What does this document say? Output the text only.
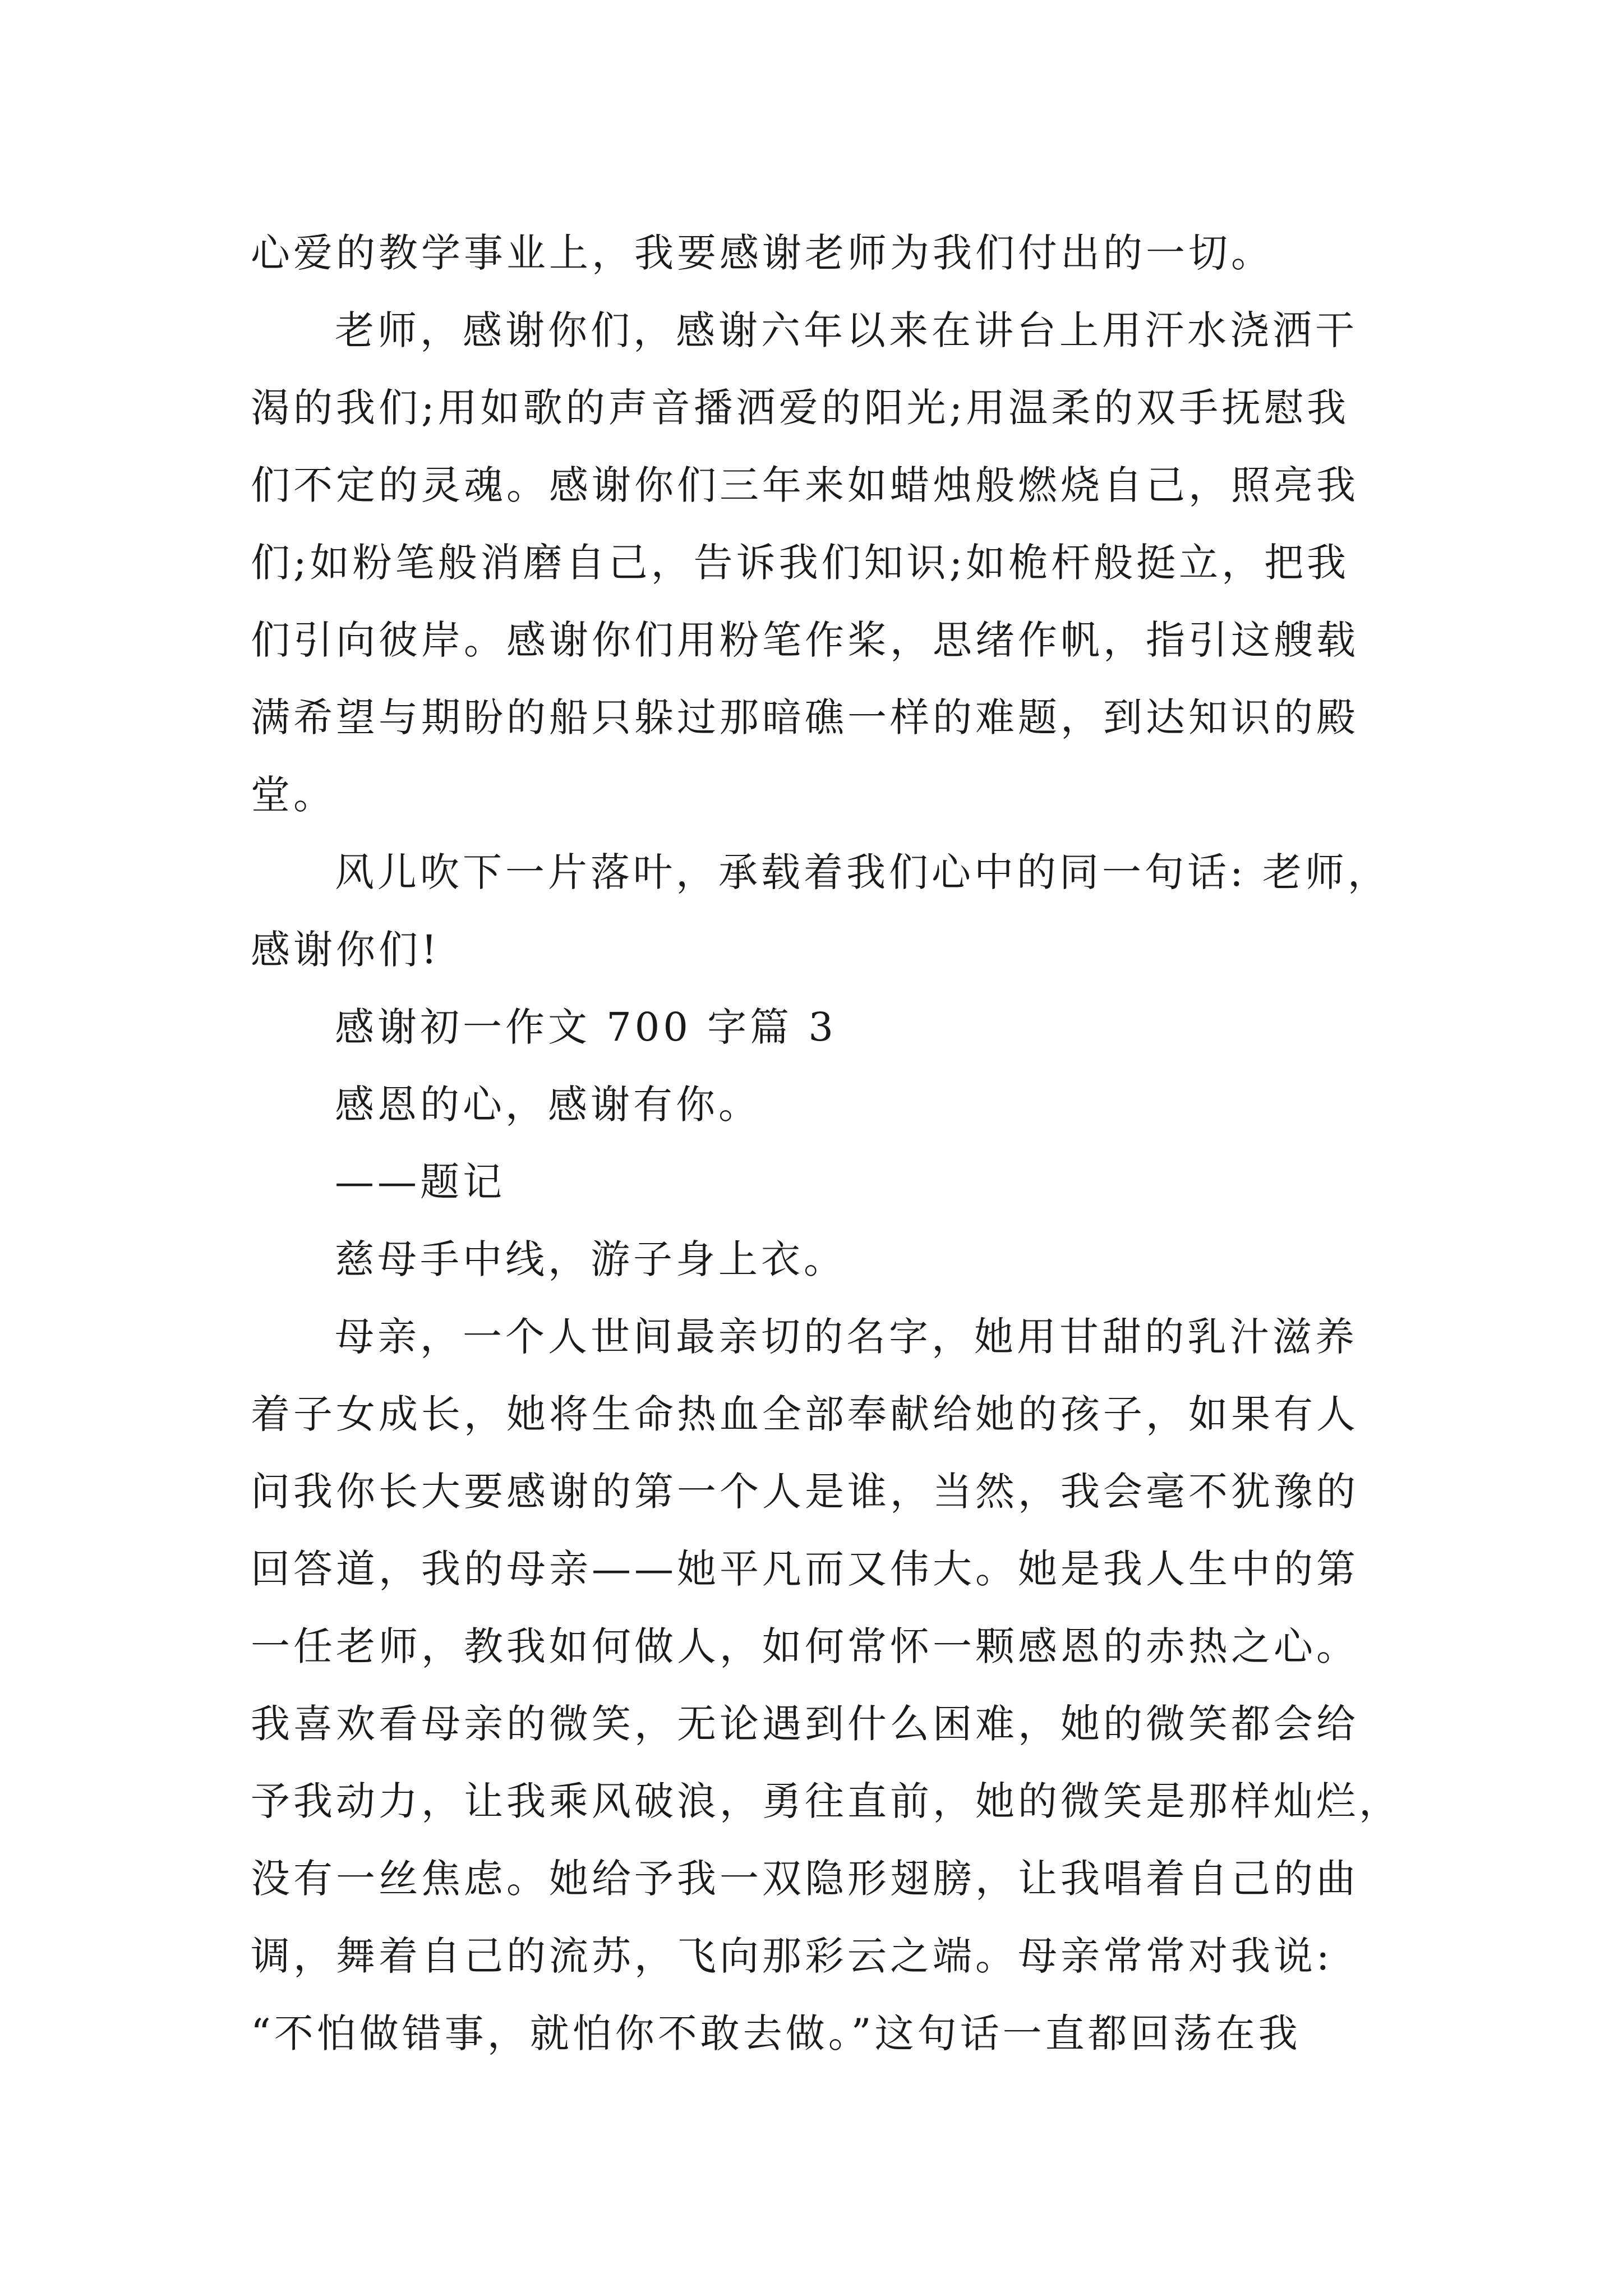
心爱的教学事业上，我要感谢老师为我们付出的一切。
老师，感谢你们，感谢六年以来在讲台上用汗水浇洒干
渴的我们;用如歌的声音播洒爱的阳光;用温柔的双手抚慰我
们不定的灵魂。感谢你们三年来如蜡烛般燃烧自己，照亮我
们;如粉笔般消磨自己，告诉我们知识;如桅杆般挺立，把我
们引向彼岸。感谢你们用粉笔作桨，思绪作帆，指引这艘载
满希望与期盼的船只躲过那暗礁一样的难题，到达知识的殿
堂。
风儿吹下一片落叶，承载着我们心中的同一句话: 老师，
感谢你们!
感谢初一作文 700 字篇 3
感恩的心，感谢有你。
——题记
慈母手中线，游子身上衣。
母亲，一个人世间最亲切的名字，她用甘甜的乳汁滋养
着子女成长，她将生命热血全部奉献给她的孩子，如果有人
问我你长大要感谢的第一个人是谁，当然，我会毫不犹豫的
回答道，我的母亲——她平凡而又伟大。她是我人生中的第
一任老师，教我如何做人，如何常怀一颗感恩的赤热之心。
我喜欢看母亲的微笑，无论遇到什么困难，她的微笑都会给
予我动力，让我乘风破浪，勇往直前，她的微笑是那样灿烂，
没有一丝焦虑。她给予我一双隐形翅膀，让我唱着自己的曲
调，舞着自己的流苏，飞向那彩云之端。母亲常常对我说:
“不怕做错事，就怕你不敢去做。”这句话一直都回荡在我
